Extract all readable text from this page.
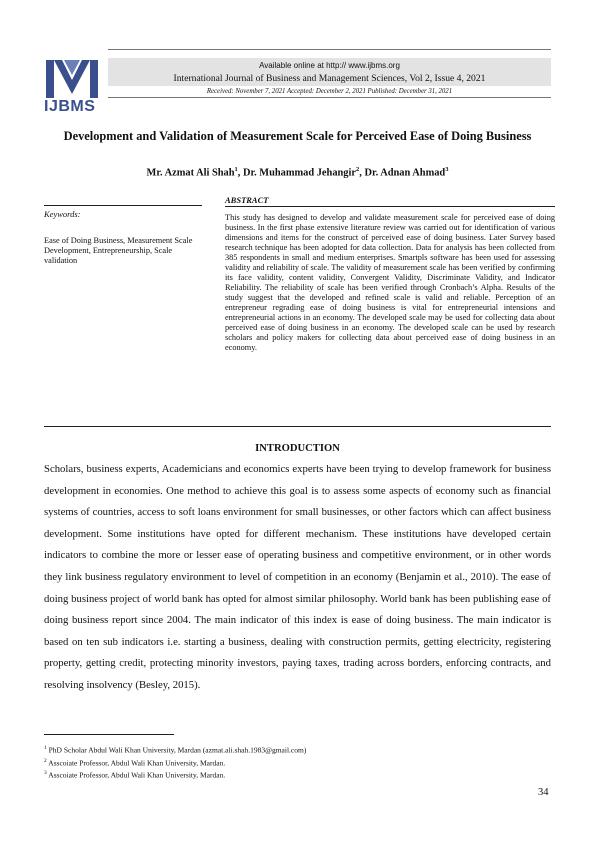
IJBMS
Available online at http:// www.ijbms.org
International Journal of Business and Management Sciences, Vol 2, Issue 4, 2021
Received: November 7, 2021 Accepted: December 2, 2021 Published: December 31, 2021
Development and Validation of Measurement Scale for Perceived Ease of Doing Business
Mr. Azmat Ali Shah$^1$, Dr. Muhammad Jehangir$^2$, Dr. Adnan Ahmad$^3$
Keywords:
Ease of Doing Business, Measurement Scale Development, Entrepreneurship, Scale validation
ABSTRACT
This study has designed to develop and validate measurement scale for perceived ease of doing business. In the first phase extensive literature review was carried out for identification of various dimensions and items for the construct of perceived ease of doing business. Later Survey based research technique has been adopted for data collection. Data for analysis has been collected from 385 respondents in small and medium enterprises. Smartpls software has been used for assessing validity and reliability of scale. The validity of measurement scale has been verified by confirming its face validity, content validity, Convergent Validity, Discriminate Validity, and Indicator Reliability. The reliability of scale has been verified through Cronbach’s Alpha. Results of the study suggest that the developed and refined scale is valid and reliable. Perception of an entrepreneur regrading ease of doing business is vital for entrepreneurial intensions and entrepreneurial actions in an economy. The developed scale may be used for collecting data about perceived ease of doing business in an economy. The developed scale can be used by research scholars and policy makers for collecting data about perceived ease of doing business in an economy.
INTRODUCTION
Scholars, business experts, Academicians and economics experts have been trying to develop framework for business development in economies. One method to achieve this goal is to assess some aspects of economy such as financial systems of countries, access to soft loans environment for small businesses, or other factors which can affect business development. Some institutions have opted for different mechanism. These institutions have developed certain indicators to combine the more or lesser ease of operating business and competitive environment, or in other words they link business regulatory environment to level of competition in an economy (Benjamin et al., 2010). The ease of doing business project of world bank has opted for almost similar philosophy. World bank has been publishing ease of doing business report since 2004. The main indicator of this index is ease of doing business. The main indicator is based on ten sub indicators i.e. starting a business, dealing with construction permits, getting electricity, registering property, getting credit, protecting minority investors, paying taxes, trading across borders, enforcing contracts, and resolving insolvency (Besley, 2015).
$^1$ PhD Scholar Abdul Wali Khan University, Mardan (azmat.ali.shah.1983@gmail.com)
$^2$ Asscoiate Professor, Abdul Wali Khan University, Mardan.
$^3$ Asscoiate Professor, Abdul Wali Khan University, Mardan.
34
